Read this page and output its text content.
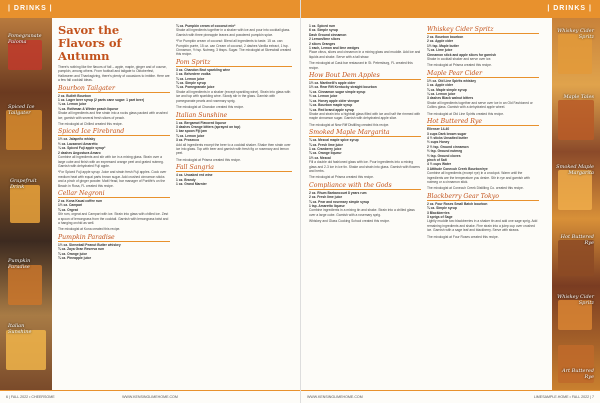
| DRINKS |
Pomegranate Paloma
Spiced Ice Tailgater
Grapefruit Drink
Pumpkin Paradise
Italian Sunshine
Savor the Flavors of Autumn

There's nothing like the flavors of fall – apple, maple, ginger and of course, pumpkin, among others. From football and tailgate to Oktoberfest, Halloween and Thanksgiving, there's plenty of occasions to imbibe. Here are a few fall cocktail ideas.

Bourbon Tailgater
2 oz. Bulleit Bourbon
1 oz. Lager beer syrup (2 parts cane sugar: 1 part beer)
¼ oz. Lemon juice
¼ oz. Rothman & Winter peach liqueur

Shake all ingredients and fine strain into a rocks glass packed with crushed ice; garnish with several fresh slices of peach.

The mixologist at Chilled created this recipe.

Spiced Ice Firebrand
1½ oz. Jalapeño whisky
½ oz. Lazzaroni Amaretto
¼ oz. Spiced Fuji apple syrup*
2 dashes Angostura Amaro

Combine all ingredients and stir with ice in a mixing glass. Strain over a large cube and finish with an expressed orange peel and grated nutmeg. Garnish with dehydrated Fuji apple.

*For Spiced Fuji apple syrup: Juice and strain fresh Fuji apples. Cook over medium heat with equal parts brown sugar. Add crushed cinnamon sticks and a pinch of ginger powder. Matt Head, bar manager of Pontifé's on the Beach in Rosa, FL created this recipe.

Cellar Negroni
2 oz. Kona Kauai coffee rum
1½ oz. Campari
¾ oz. Orgeat

Stir rum, orgeat and Campari with ice. Strain into glass with chilled ice. Zest a spoon of lemongrass from the cocktail. Garnish with lemongrass twist and a hanging orchid as well.

The mixologist at Kona created this recipe.

Pumpkin Paradise
1½ oz. Skrewball Peanut Butter whiskey
¾ oz. Zaya Gran Reserva rum
¾ oz. Orange juice
¾ oz. Pineapple juice
¾ oz. Pumpkin cream of coconut mix*

Shake all ingredients together in a shaker with ice and pour into cocktail glass. Garnish with three pineapple leaves and powdered pumpkin spice.

*For Pumpkin cream of coconut: Blend all ingredients to taste. 15 oz. can Pumpkin purée, 15 oz. can Cream of coconut, 2 dashes Vanilla extract, 1 tsp. Cinnamon, ½ tsp. Nutmeg, 3 tbsps. Sugar. The mixologist at Skrewball created this recipe.

Pom Spritz
3 oz. Chandon Brut sparkling wine
1 oz. Belvedere vodka
¾ oz. Lemon juice
¾ oz. Simple syrup
¾ oz. Pomegranate juice

Shake all ingredients in a shaker (except sparkling wine). Strain into glass with ice and top with sparkling wine. Slowly stir in the glass. Garnish with pomegranate pearls and rosemary sprig.

The mixologist at Chandon created this recipe.

Italian Sunshine
1 oz. Bergamot Flavored liqueur
3 dashes Orange bitters (sprayed on top)
1 bar spoon Fiji jam
¾ oz. Lemon juice
3 oz. Prosecco

Add all ingredients except the beer to a cocktail shaker. Shake then strain over ice into glass. Top with beer and garnish with fresh fig or rosemary and lemon peel.

The mixologist at Prisma created this recipe.

Fall Sangria
4 oz. Unoaked red wine
1 oz. Brandy
1 oz. Grand Marnier
6 | FALL 2022 • CHEERSOME	WWW.KENSINGLIMEHOME.COM
| DRINKS |
Whiskey Cider Spritz
Maple Tales
Smoked Maple Margarita
Hot Buttered Rye
Whiskey Cider Spritz
Art Buttered Rye
1 oz. Spiced rum
6 oz. Simple syrup
Dash Ground cinnamon
2 Lemon/lime slices
2 slices Oranges
1 each, Lemon and lime wedges

Place citrus, slices and cinnamon in a mixing glass and muddle. Add ice and liquids and shake. Serve with a tall straw.

The mixologist at Cask bar restaurant in St. Petersburg, FL created this recipe.

How Bout Dem Apples
1½ oz. Martinelli's apple cider
1½ oz. Rear Rift Kentucky straight bourbon
¼ oz. Cinnamon sugar simple syrup
½ oz. Lemon juice
¼ oz. Honey apple cider vinegar
¼ oz. Bourbon maple syrup
¼ oz. Red brand apple syrup

Shake and strain into a highball glass filled with ice and half the rimmed with maple cinnamon sugar. Garnish with dehydrated apple slice.

The mixologist at New Riff Distilling created this recipe.

Smoked Maple Margarita
¾ oz. Mezcal maple spice syrup
¾ oz. Fresh lime juice
1 oz. Cranberry juice
¾ oz. Orange liqueur
1½ oz. Mezcal

Fill a double old fashioned glass with ice. Pour ingredients into a mixing glass and 2-3 ice in ice tin. Shake and strain into glass. Garnish with flowers and herbs.

The mixologist at Prisma created this recipe.

Compliance with the Gods
2 oz. Rhum Barbancourt 8 years rum
2 oz. Fresh lime juice
¾ oz. Pear and rosemary simple syrup
1 tsp. Amaretto liqueur

Combine ingredients in a mixing tin and shake. Strain into a chilled glass over a large cube. Garnish with a rosemary sprig.

Whiskey and Glass Cooking School created this recipe.

Whiskey Cider Spritz
2 oz. Bourbon bourbon
2 oz. Apple cider
1½ tsp. Maple butter
¾ oz. Lime juice
Cinnamon stick and apple slices for garnish

Shake in cocktail shaker and serve over ice.

The mixologist at Prisma created this recipe.

Maple Pear Cider
1½ oz. Old Line Spirits whiskey
1 oz. Apple cider
¾ oz. Maple simple syrup
¼ oz. Lemon juice
3 dashes Black walnut bitters

Shake all ingredients together and serve over ice in an Old Fashioned or Collins glass. Garnish with a dehydrated apple wheel.

The mixologist at Old Line Spirits created this recipe.

Hot Buttered Rye
Ellenser 14-40
3 cups Dark brown sugar
4 ½ sticks Unsalted butter
½ cups Honey
2 ½ tsp. Ground cinnamon
½ tsp. Ground nutmeg
½ tsp. Ground cloves
pinch of Salt
4 ½ cups Water
3 Attitude Conecuh Creek Bourbon/rye

Combine all ingredients (except rye) in a crockpot. Warm until the ingredients are the temperature you desire. Stir in rye and garnish with nutmeg or a cinnamon stick.

The mixologist at Conecuh Creek Distilling Co. created this recipe.

Blackberry Gear Tokyo
2 oz. Four Roses Small Batch bourbon
¾ oz. Simple syrup
3 Blackberries
3 sprigs of Sage

Lightly muddle two blackberries in a shaker tin and add one sage sprig. Add remaining ingredients and shake. Fine strain into a julep cup over crushed ice. Garnish with a sage leaf and blackberry. Serve with straws.

The mixologist at Four Roses created this recipe.

WWW.KENSINGLIMEHOME.COM	LIMESAMPLE.HOME • FALL 2022 | 7
